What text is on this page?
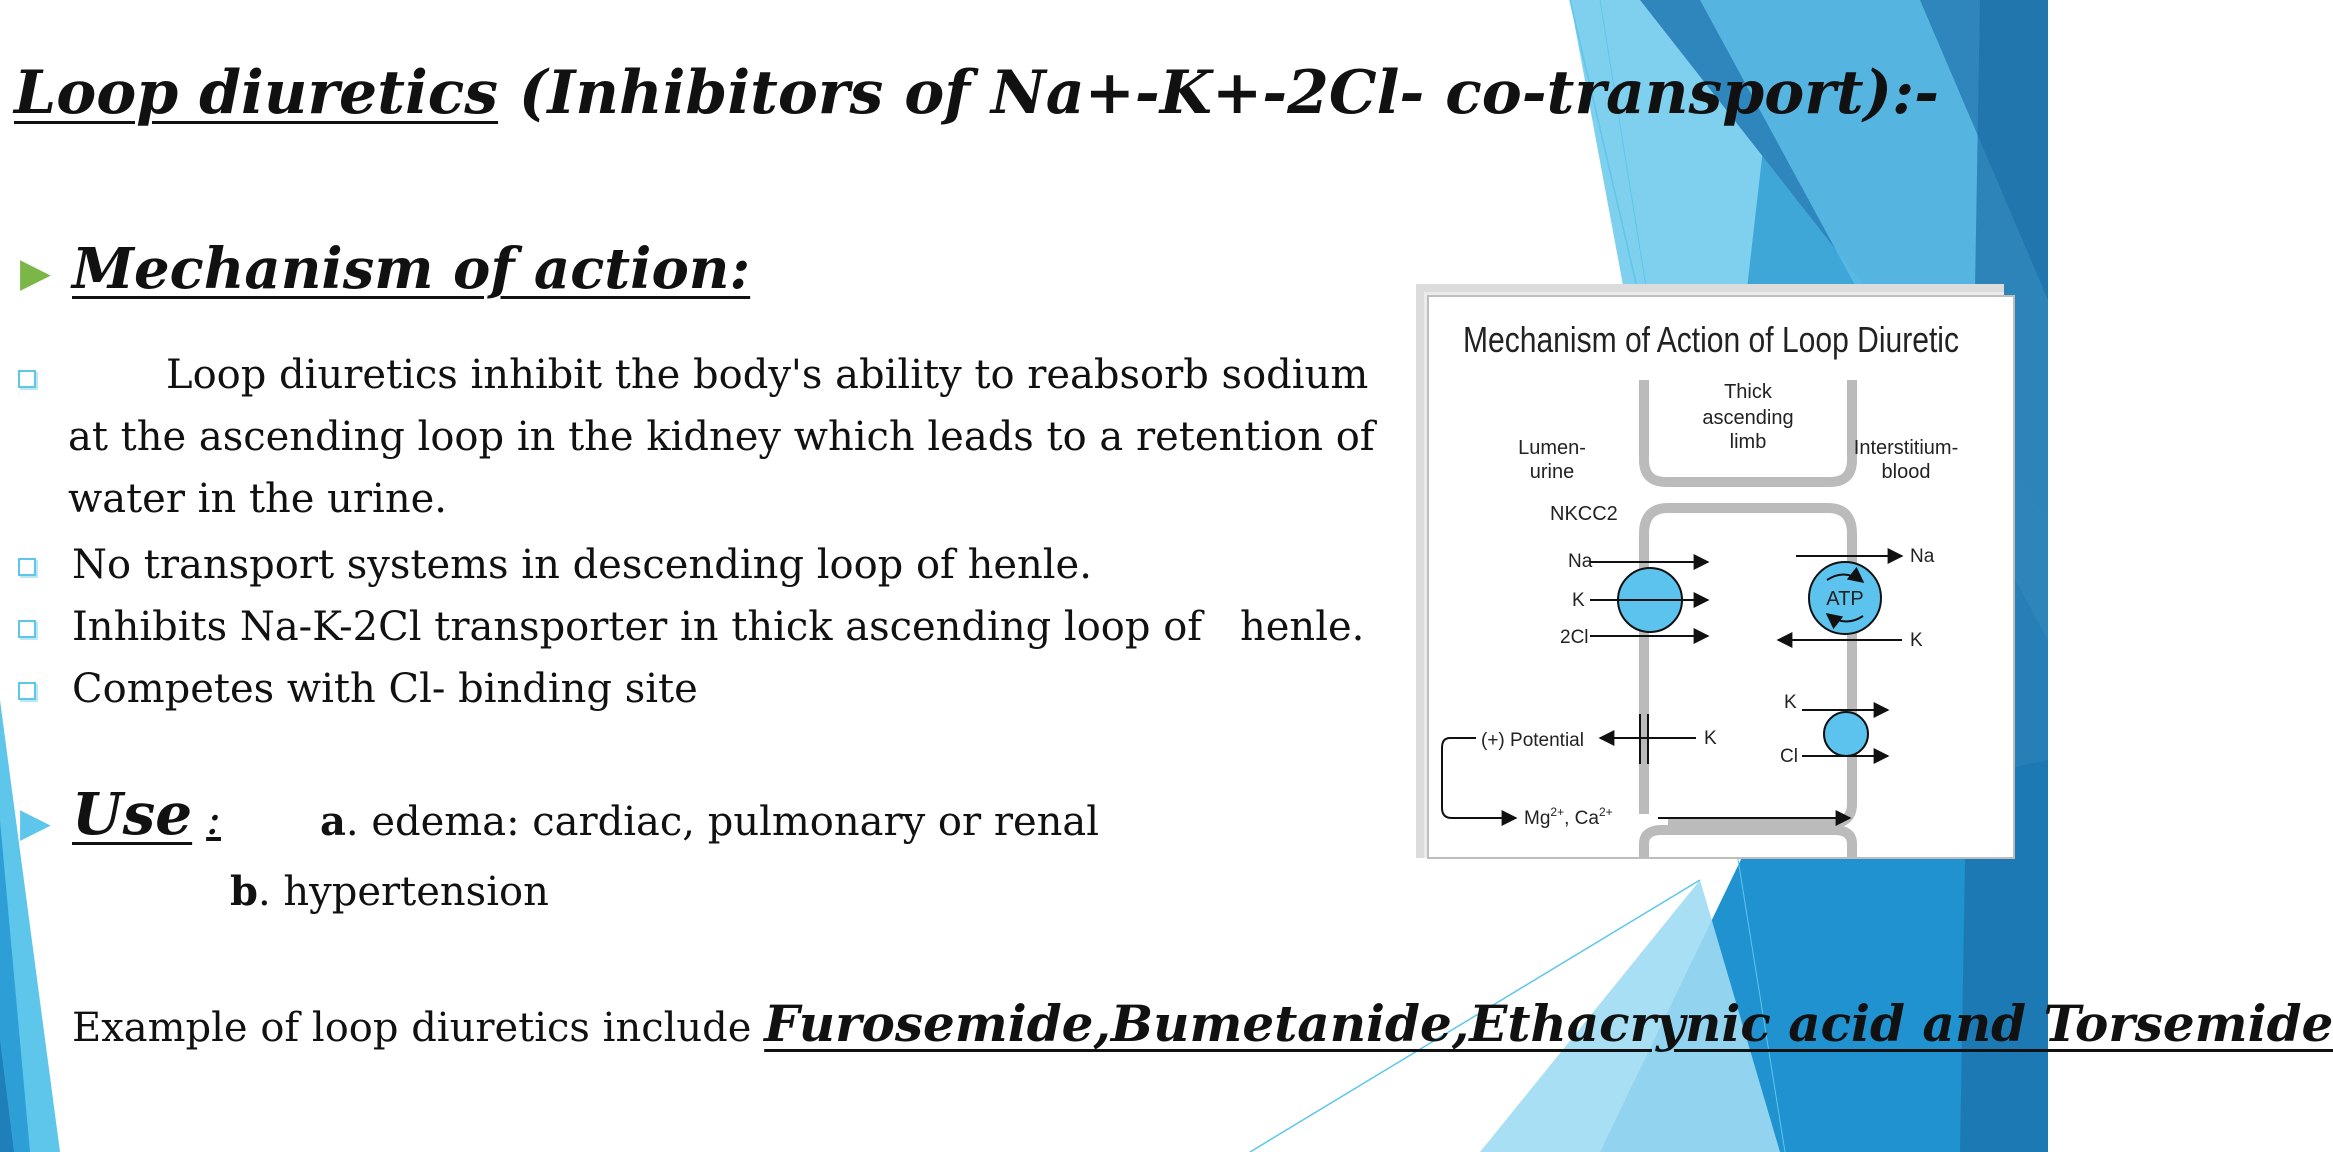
Loop diuretics (Inhibitors of Na+-K+-2Cl- co-transport):-
▶ Mechanism of action:
Loop diuretics inhibit the body's ability to reabsorb sodium
at the ascending loop in the kidney which leads to a retention of
water in the urine.
No transport systems in descending loop of henle.
Inhibits Na-K-2Cl transporter in thick ascending loop of henle.
Competes with Cl- binding site
▶ Use : a. edema: cardiac, pulmonary or renal
b. hypertension
▶ Example of loop diuretics include Furosemide,Bumetanide,Ethacrynic acid and Torsemide
Mechanism of Action of Loop Diuretic
Thick
ascending
limb
Lumen-
urine
Interstitium-
blood
NKCC2
Na
K
2Cl
ATP
Na
K
K
Cl
(+) Potential	K
$Mg^{2+}$, $Ca^{2+}$
